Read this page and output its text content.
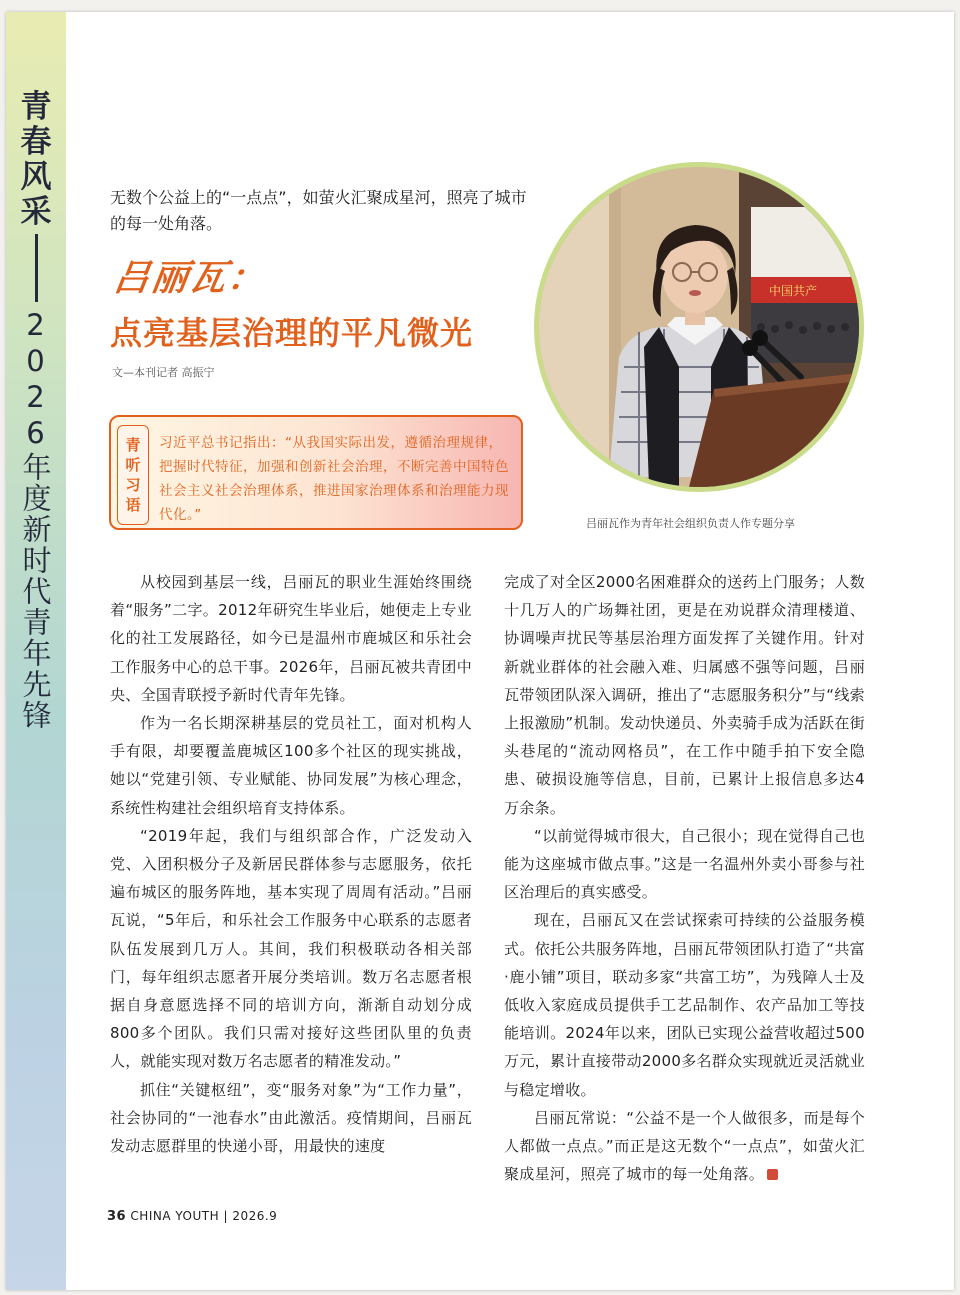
青
春
风
采
2026年度新时代青年先锋

无数个公益上的“一点点”，如萤火汇聚成星河，照亮了城市的每一处角落。

吕丽瓦：
点亮基层治理的平凡微光
文—本刊记者 高振宁
青
听
习
语

习近平总书记指出：“从我国实际出发，遵循治理规律，把握时代特征，加强和创新社会治理，不断完善中国特色社会主义社会治理体系，推进国家治理体系和治理能力现代化。”

中国共产
吕丽瓦作为青年社会组织负责人作专题分享

从校园到基层一线，吕丽瓦的职业生涯始终围绕着“服务”二字。2012年研究生毕业后，她便走上专业化的社工发展路径，如今已是温州市鹿城区和乐社会工作服务中心的总干事。2026年，吕丽瓦被共青团中央、全国青联授予新时代青年先锋。

作为一名长期深耕基层的党员社工，面对机构人手有限，却要覆盖鹿城区100多个社区的现实挑战，她以“党建引领、专业赋能、协同发展”为核心理念，系统性构建社会组织培育支持体系。

“2019年起，我们与组织部合作，广泛发动入党、入团积极分子及新居民群体参与志愿服务，依托遍布城区的服务阵地，基本实现了周周有活动。”吕丽瓦说，“5年后，和乐社会工作服务中心联系的志愿者队伍发展到几万人。其间，我们积极联动各相关部门，每年组织志愿者开展分类培训。数万名志愿者根据自身意愿选择不同的培训方向，渐渐自动划分成800多个团队。我们只需对接好这些团队里的负责人，就能实现对数万名志愿者的精准发动。”

抓住“关键枢纽”，变“服务对象”为“工作力量”，社会协同的“一池春水”由此激活。疫情期间，吕丽瓦发动志愿群里的快递小哥，用最快的速度

完成了对全区2000名困难群众的送药上门服务；人数十几万人的广场舞社团，更是在劝说群众清理楼道、协调噪声扰民等基层治理方面发挥了关键作用。针对新就业群体的社会融入难、归属感不强等问题，吕丽瓦带领团队深入调研，推出了“志愿服务积分”与“线索上报激励”机制。发动快递员、外卖骑手成为活跃在街头巷尾的“流动网格员”，在工作中随手拍下安全隐患、破损设施等信息，目前，已累计上报信息多达4万余条。

“以前觉得城市很大，自己很小；现在觉得自己也能为这座城市做点事。”这是一名温州外卖小哥参与社区治理后的真实感受。

现在，吕丽瓦又在尝试探索可持续的公益服务模式。依托公共服务阵地，吕丽瓦带领团队打造了“共富·鹿小铺”项目，联动多家“共富工坊”，为残障人士及低收入家庭成员提供手工艺品制作、农产品加工等技能培训。2024年以来，团队已实现公益营收超过500万元，累计直接带动2000多名群众实现就近灵活就业与稳定增收。

吕丽瓦常说：“公益不是一个人做很多，而是每个人都做一点点。”而正是这无数个“一点点”，如萤火汇聚成星河，照亮了城市的每一处角落。

36 CHINA YOUTH | 2026.9
